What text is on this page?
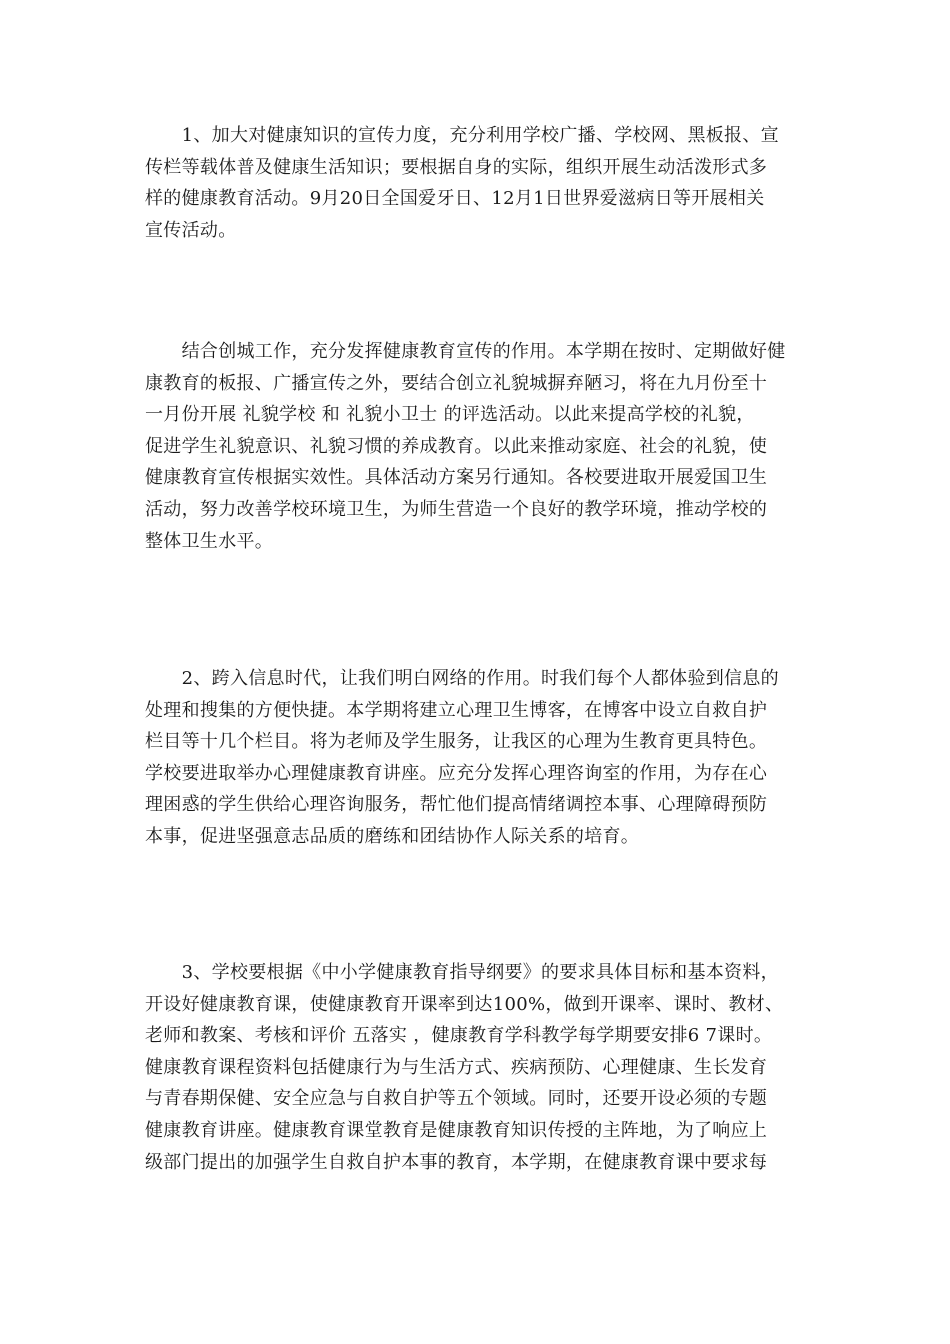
　　1、加大对健康知识的宣传力度，充分利用学校广播、学校网、黑板报、宣
传栏等载体普及健康生活知识；要根据自身的实际，组织开展生动活泼形式多
样的健康教育活动。9月20日全国爱牙日、12月1日世界爱滋病日等开展相关
宣传活动。
　　结合创城工作，充分发挥健康教育宣传的作用。本学期在按时、定期做好健
康教育的板报、广播宣传之外，要结合创立礼貌城摒弃陋习，将在九月份至十
一月份开展 礼貌学校 和 礼貌小卫士 的评选活动。以此来提高学校的礼貌，
促进学生礼貌意识、礼貌习惯的养成教育。以此来推动家庭、社会的礼貌，使
健康教育宣传根据实效性。具体活动方案另行通知。各校要进取开展爱国卫生
活动，努力改善学校环境卫生，为师生营造一个良好的教学环境，推动学校的
整体卫生水平。
　　2、跨入信息时代，让我们明白网络的作用。时我们每个人都体验到信息的
处理和搜集的方便快捷。本学期将建立心理卫生博客，在博客中设立自救自护
栏目等十几个栏目。将为老师及学生服务，让我区的心理为生教育更具特色。
学校要进取举办心理健康教育讲座。应充分发挥心理咨询室的作用，为存在心
理困惑的学生供给心理咨询服务，帮忙他们提高情绪调控本事、心理障碍预防
本事，促进坚强意志品质的磨练和团结协作人际关系的培育。
　　3、学校要根据《中小学健康教育指导纲要》的要求具体目标和基本资料，
开设好健康教育课，使健康教育开课率到达100%，做到开课率、课时、教材、
老师和教案、考核和评价 五落实 ，健康教育学科教学每学期要安排6 7课时。
健康教育课程资料包括健康行为与生活方式、疾病预防、心理健康、生长发育
与青春期保健、安全应急与自救自护等五个领域。同时，还要开设必须的专题
健康教育讲座。健康教育课堂教育是健康教育知识传授的主阵地，为了响应上
级部门提出的加强学生自救自护本事的教育，本学期，在健康教育课中要求每
